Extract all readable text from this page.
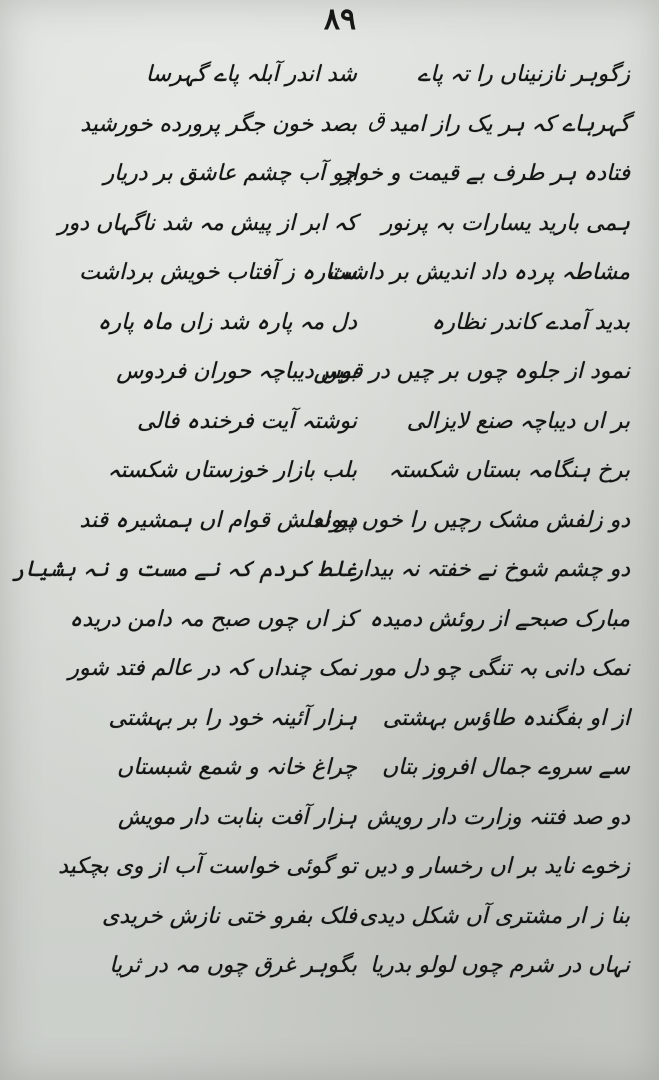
۸۹
ق
زگوہر نازنیناں را تہ پاے
گہرہاے کہ ہر یک راز امید
فتادہ ہر طرف بے قیمت و خوار
ہمی بارید یسارات بہ پرنور
مشاطہ پردہ داد اندیش بر داشت
بدید آمدے کاندر نظارہ
نمود از جلوہ چوں بر چیں در قوس
بر اں دیباچہ صنع لایزالی
برخ ہنگامہ بستاں شکستہ
دو زلفش مشک رچیں را خوں پیوند
دو چشم شوخ نے خفتہ نہ بیدار
مبارک صبحے از روئش دمیدہ
نمک دانی بہ تنگی چو دل مور
از او بفگندہ طاؤس بہشتی
سے سروے جمال افروز بتاں
دو صد فتنہ وزارت دار رویش
زخوے ناید بر اں رخسار و دیں
بنا ز ار مشتری آں شکل دیدی
نہاں در شرم چوں لولو بدریا
شد اندر آبلہ پاے گہرسا
بصد خون جگر پرورده خورشید
چو آب چشم عاشق بر دریار
کہ ابر از پیش مہ شد ناگہاں دور
ستارہ ز آفتاب خویش برداشت
دل مہ پارہ شد زاں ماہ پارہ
ببیں دیباچہ حوران فردوس
نوشتہ آیت فرخندہ فالی
بلب بازار خوزستاں شکستہ
دو لعلش قوام اں ہمشیرہ قند
غلط کردم کہ نے مست و نہ ہشیار
کز اں چوں صبح مہ دامن دریدہ
نمک چنداں کہ در عالم فتد شور
ہزار آئینہ خود را بر بہشتی
چراغ خانہ و شمع شبستاں
ہزار آفت بنابت دار مویش
تو گوئی خواست آب از وی بچکید
فلک بفرو ختی نازش خریدی
بگوہر غرق چوں مہ در ثریا
